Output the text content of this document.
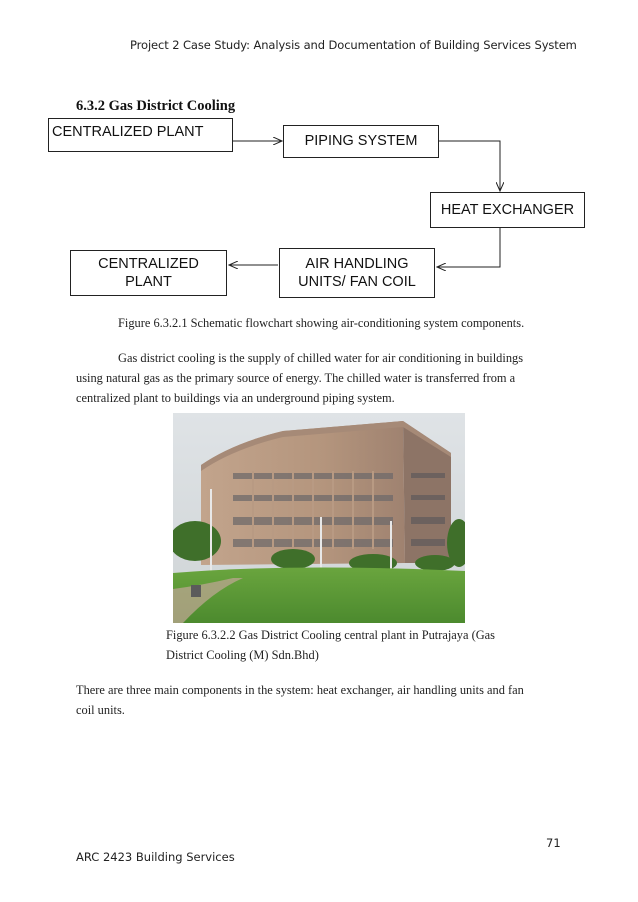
Project 2 Case Study: Analysis and Documentation of Building Services System
6.3.2 Gas District Cooling
CENTRALIZED PLANT
PIPING SYSTEM
HEAT EXCHANGER
AIR HANDLING
UNITS/ FAN COIL
CENTRALIZED
PLANT
Figure 6.3.2.1 Schematic flowchart showing air-conditioning system components.
Gas district cooling is the supply of chilled water for air conditioning in buildings
using natural gas as the primary source of energy. The chilled water is transferred from a
centralized plant to buildings via an underground piping system.
Figure 6.3.2.2 Gas District Cooling central plant in Putrajaya (Gas
District Cooling (M) Sdn.Bhd)
There are three main components in the system: heat exchanger, air handling units and fan
coil units.
71
ARC 2423 Building Services
